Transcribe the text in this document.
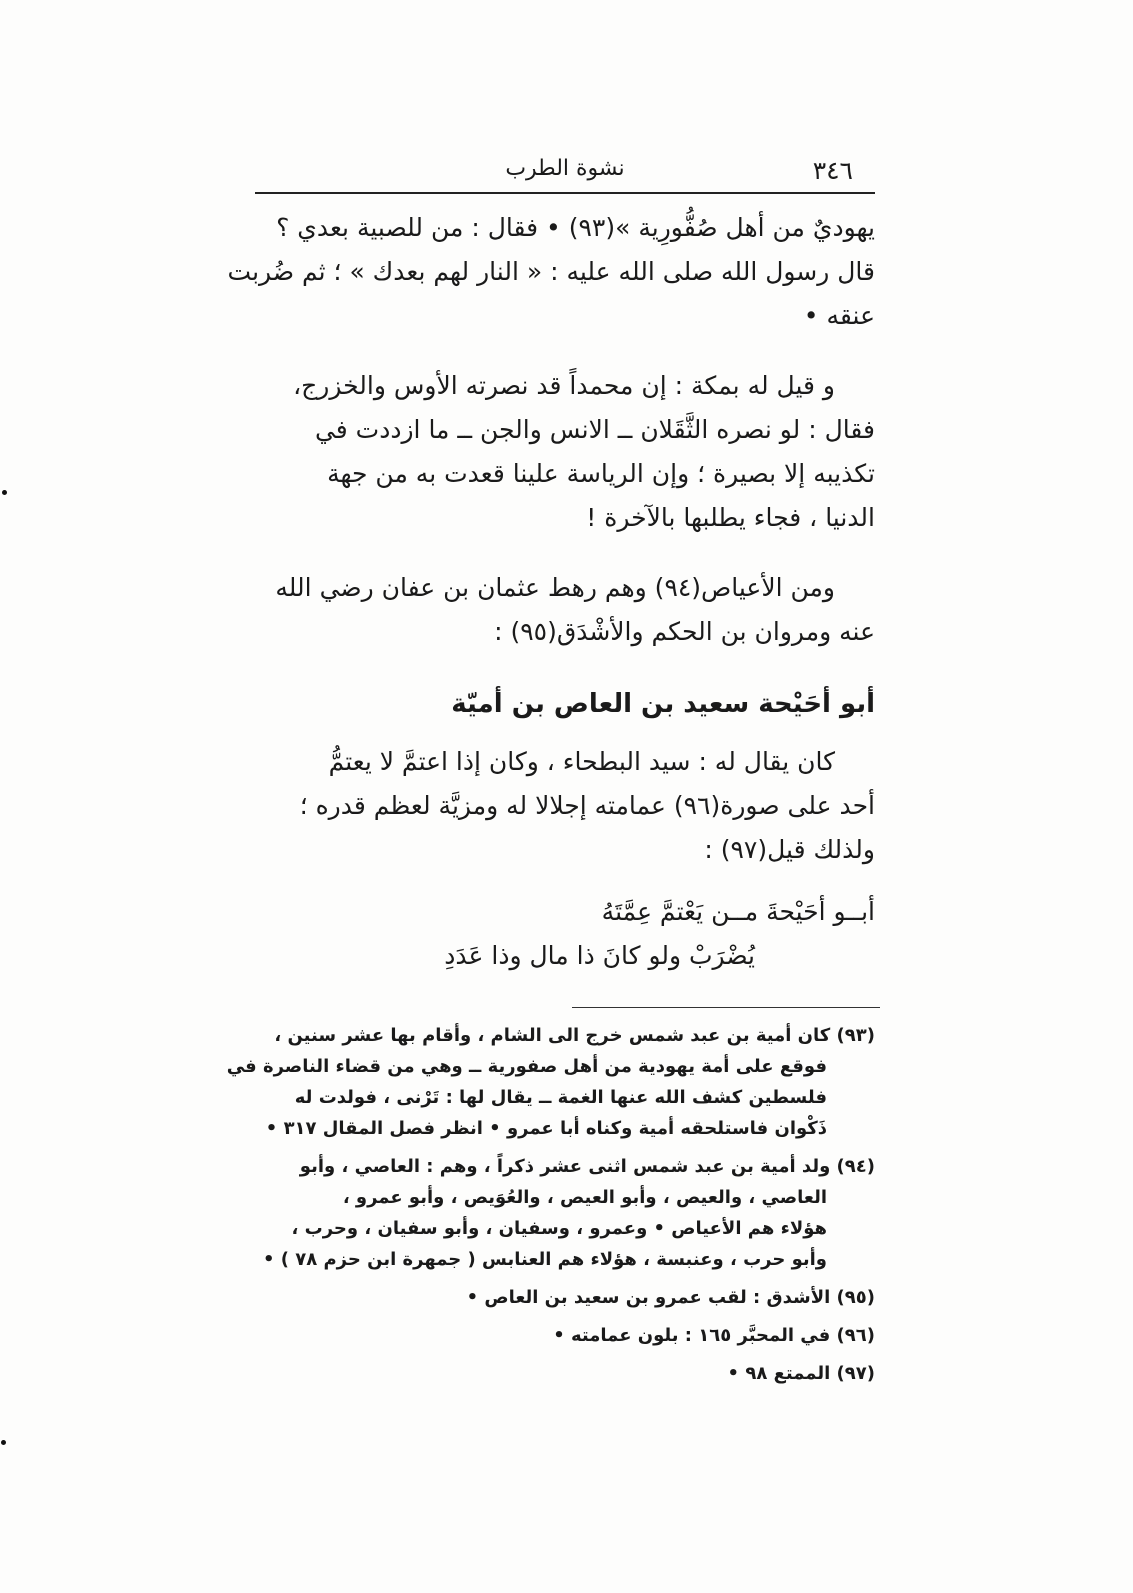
٣٤٦
نشوة الطرب

يهوديٌ من أهل صُفُّورِية »(٩٣) • فقال : من للصبية بعدي ؟
قال رسول الله صلى الله عليه : « النار لهم بعدك » ؛ ثم ضُربت
عنقه •

و قيل له بمكة : إن محمداً قد نصرته الأوس والخزرج،
فقال : لو نصره الثَّقَلان ــ الانس والجن ــ ما ازددت في
تكذيبه إلا بصيرة ؛ وإن الرياسة علينا قعدت به من جهة
الدنيا ، فجاء يطلبها بالآخرة !

ومن الأعياص(٩٤) وهم رهط عثمان بن عفان رضي الله
عنه ومروان بن الحكم والأشْدَق(٩٥) :

أبو أحَيْحة سعيد بن العاص بن أميّة

كان يقال له : سيد البطحاء ، وكان إذا اعتمَّ لا يعتمُّ
أحد على صورة(٩٦) عمامته إجلالا له ومزيَّة لعظم قدره ؛
ولذلك قيل(٩٧) :

أبــو أحَيْحةَ مــن يَعْتمَّ عِمَّتَهُ
يُضْرَبْ ولو كانَ ذا مال وذا عَدَدِ

(٩٣) كان أمية بن عبد شمس خرج الى الشام ، وأقام بها عشر سنين ،
فوقع على أمة يهودية من أهل صفورية ــ وهي من قضاء الناصرة في
فلسطين كشف الله عنها الغمة ــ يقال لها : تَرْنى ، فولدت له
ذَكْوان فاستلحقه أمية وكناه أبا عمرو • انظر فصل المقال ٣١٧ •
(٩٤) ولد أمية بن عبد شمس اثنى عشر ذكراً ، وهم : العاصي ، وأبو
العاصي ، والعيص ، وأبو العيص ، والعُوَيص ، وأبو عمرو ،
هؤلاء هم الأعياص • وعمرو ، وسفيان ، وأبو سفيان ، وحرب ،
وأبو حرب ، وعنبسة ، هؤلاء هم العنابس ( جمهرة ابن حزم ٧٨ ) •
(٩٥) الأشدق : لقب عمرو بن سعيد بن العاص •
(٩٦) في المحبَّر ١٦٥ : بلون عمامته •
(٩٧) الممتع ٩٨ •
